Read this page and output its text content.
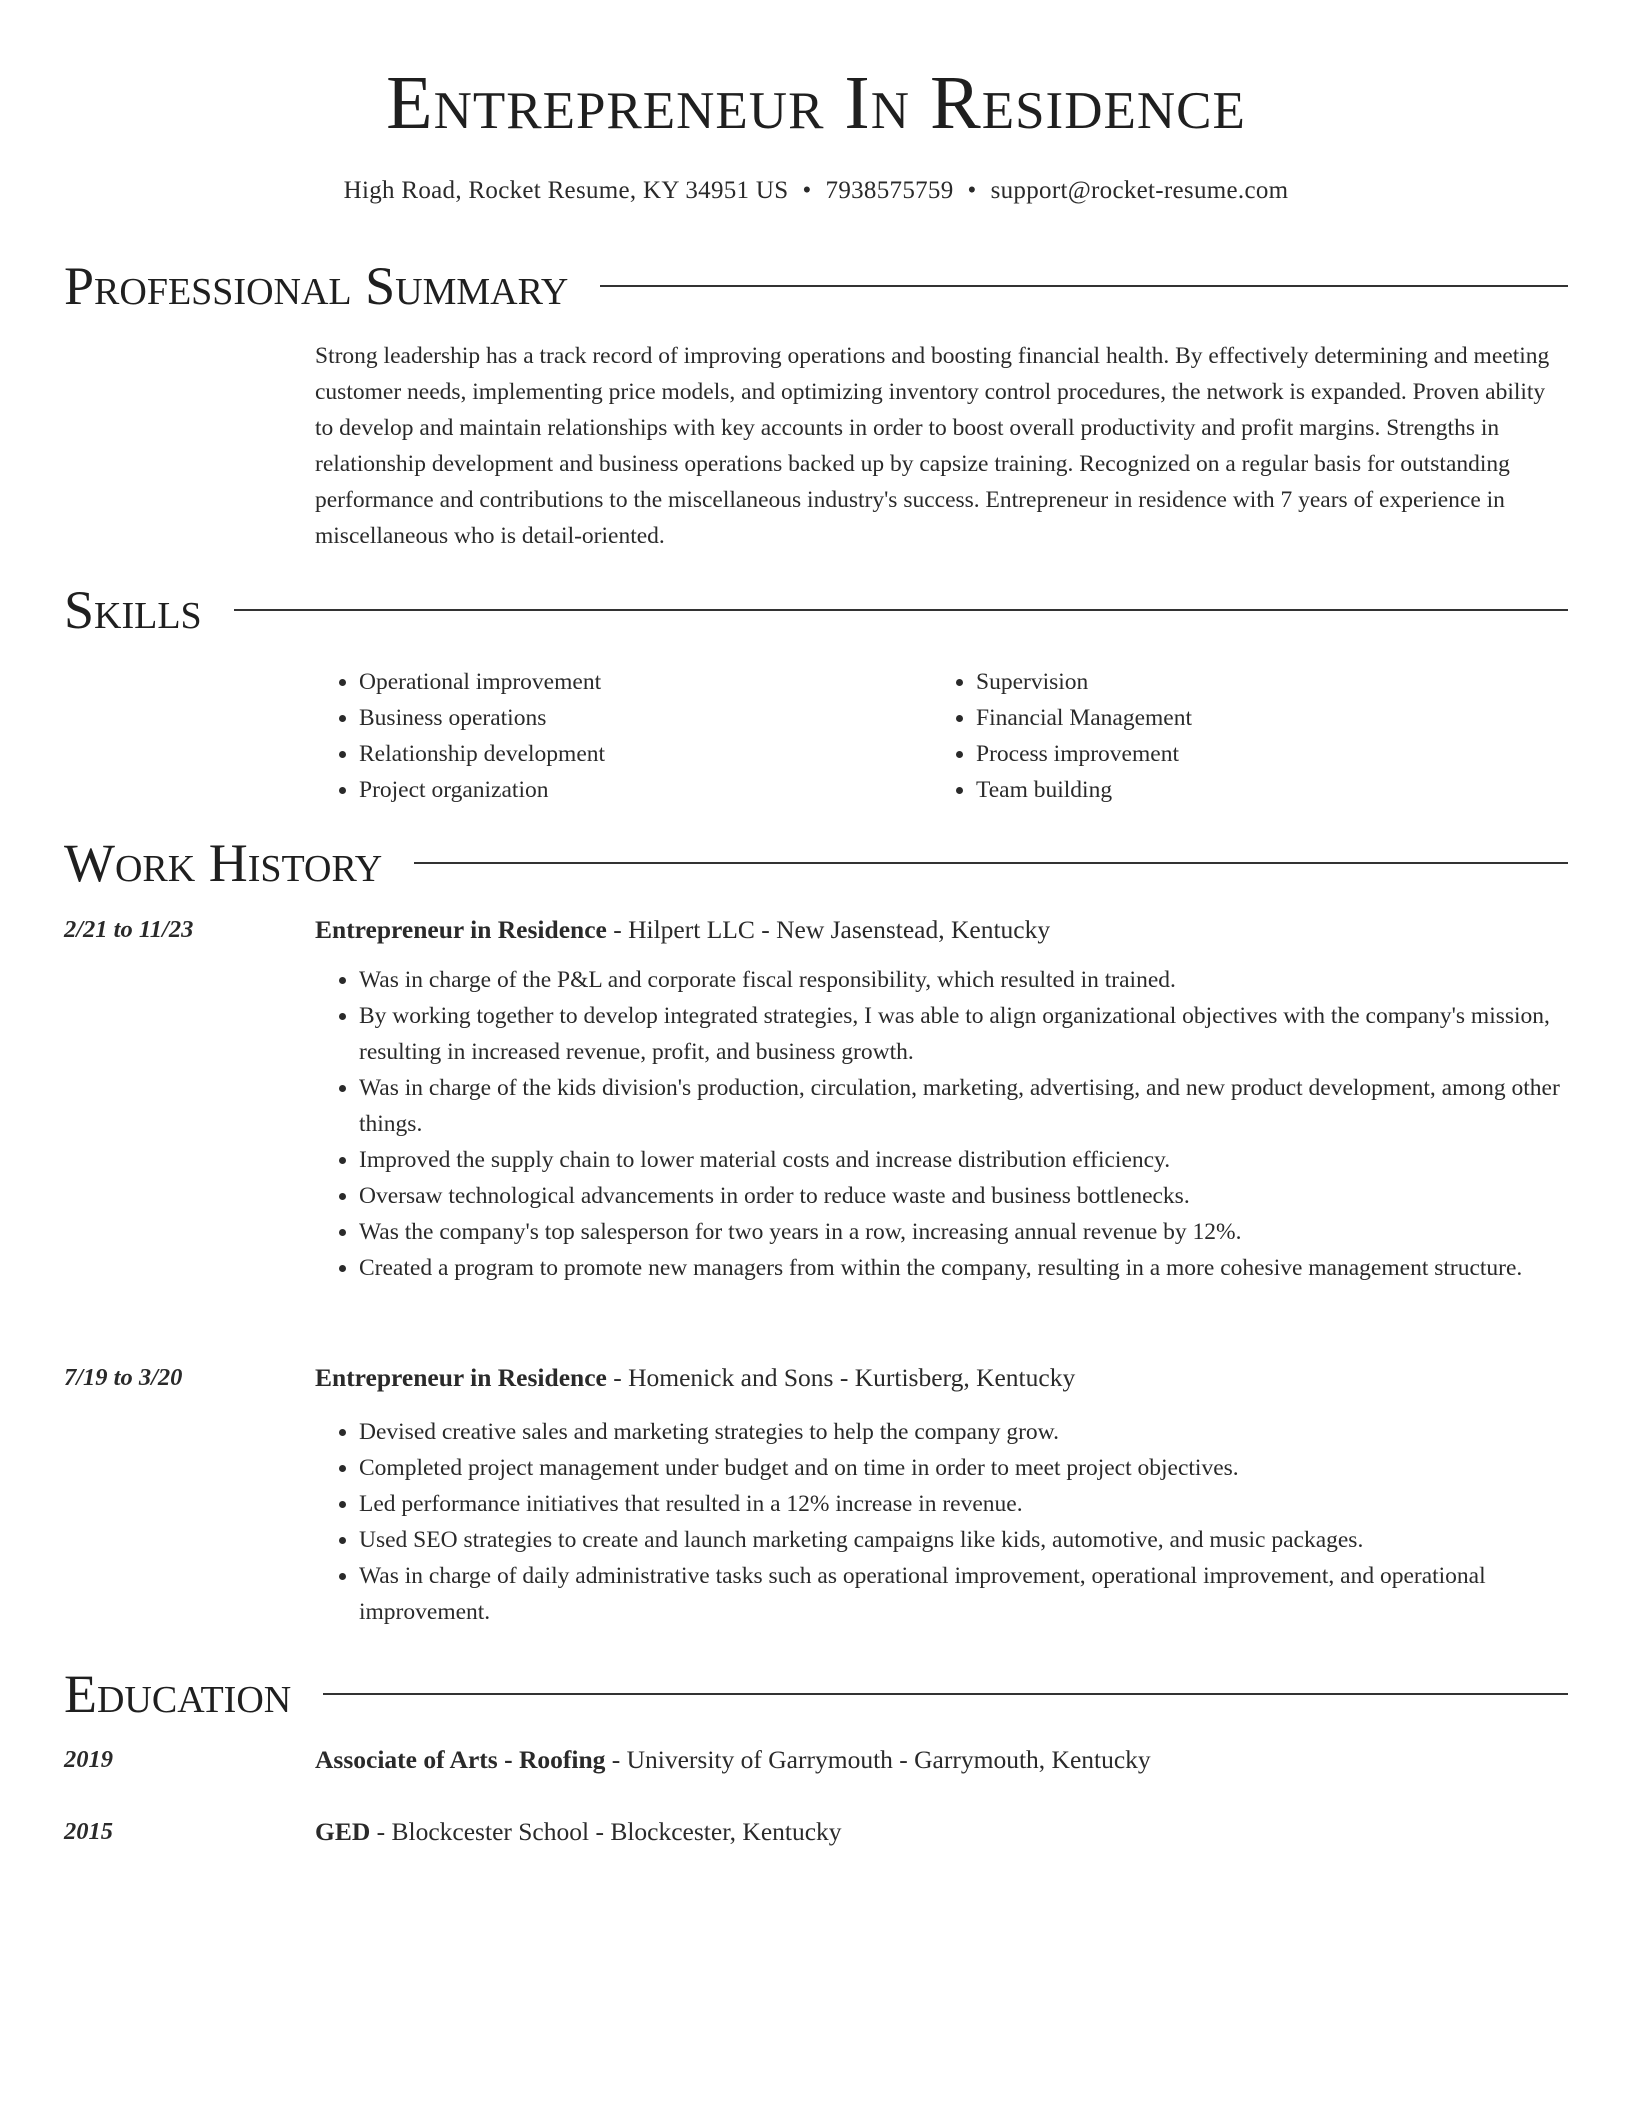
Entrepreneur In Residence
High Road, Rocket Resume, KY 34951 US • 7938575759 • support@rocket-resume.com
Professional Summary
Strong leadership has a track record of improving operations and boosting financial health. By effectively determining and meeting customer needs, implementing price models, and optimizing inventory control procedures, the network is expanded. Proven ability to develop and maintain relationships with key accounts in order to boost overall productivity and profit margins. Strengths in relationship development and business operations backed up by capsize training. Recognized on a regular basis for outstanding performance and contributions to the miscellaneous industry's success. Entrepreneur in residence with 7 years of experience in miscellaneous who is detail-oriented.
Skills
• Operational improvement
• Business operations
• Relationship development
• Project organization
• Supervision
• Financial Management
• Process improvement
• Team building
Work History
2/21 to 11/23	Entrepreneur in Residence - Hilpert LLC - New Jasenstead, Kentucky
• Was in charge of the P&L and corporate fiscal responsibility, which resulted in trained.
• By working together to develop integrated strategies, I was able to align organizational objectives with the company's mission, resulting in increased revenue, profit, and business growth.
• Was in charge of the kids division's production, circulation, marketing, advertising, and new product development, among other things.
• Improved the supply chain to lower material costs and increase distribution efficiency.
• Oversaw technological advancements in order to reduce waste and business bottlenecks.
• Was the company's top salesperson for two years in a row, increasing annual revenue by 12%.
• Created a program to promote new managers from within the company, resulting in a more cohesive management structure.
7/19 to 3/20	Entrepreneur in Residence - Homenick and Sons - Kurtisberg, Kentucky
• Devised creative sales and marketing strategies to help the company grow.
• Completed project management under budget and on time in order to meet project objectives.
• Led performance initiatives that resulted in a 12% increase in revenue.
• Used SEO strategies to create and launch marketing campaigns like kids, automotive, and music packages.
• Was in charge of daily administrative tasks such as operational improvement, operational improvement, and operational improvement.
Education
2019	Associate of Arts - Roofing - University of Garrymouth - Garrymouth, Kentucky
2015	GED - Blockcester School - Blockcester, Kentucky
